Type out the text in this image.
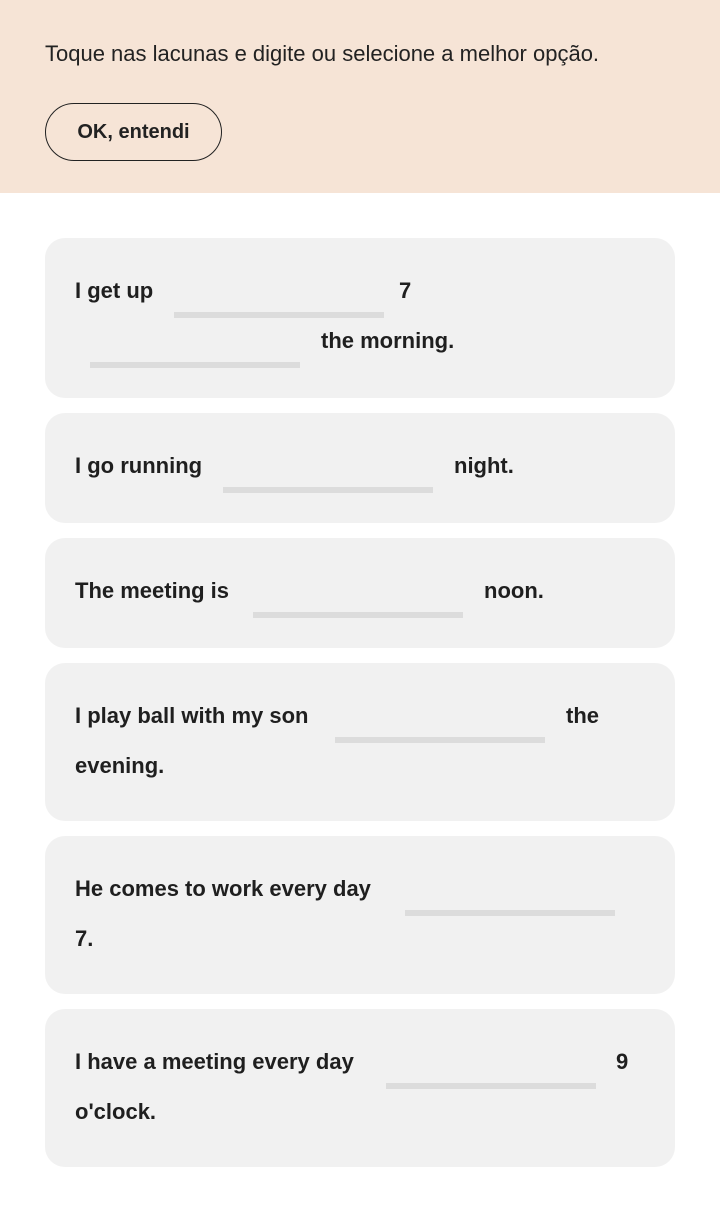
Toque nas lacunas e digite ou selecione a melhor opção.
OK, entendi
I get up	7
the morning.
I go running	night.
The meeting is	noon.
I play ball with my son	the
evening.
He comes to work every day
7.
I have a meeting every day	9
o'clock.
